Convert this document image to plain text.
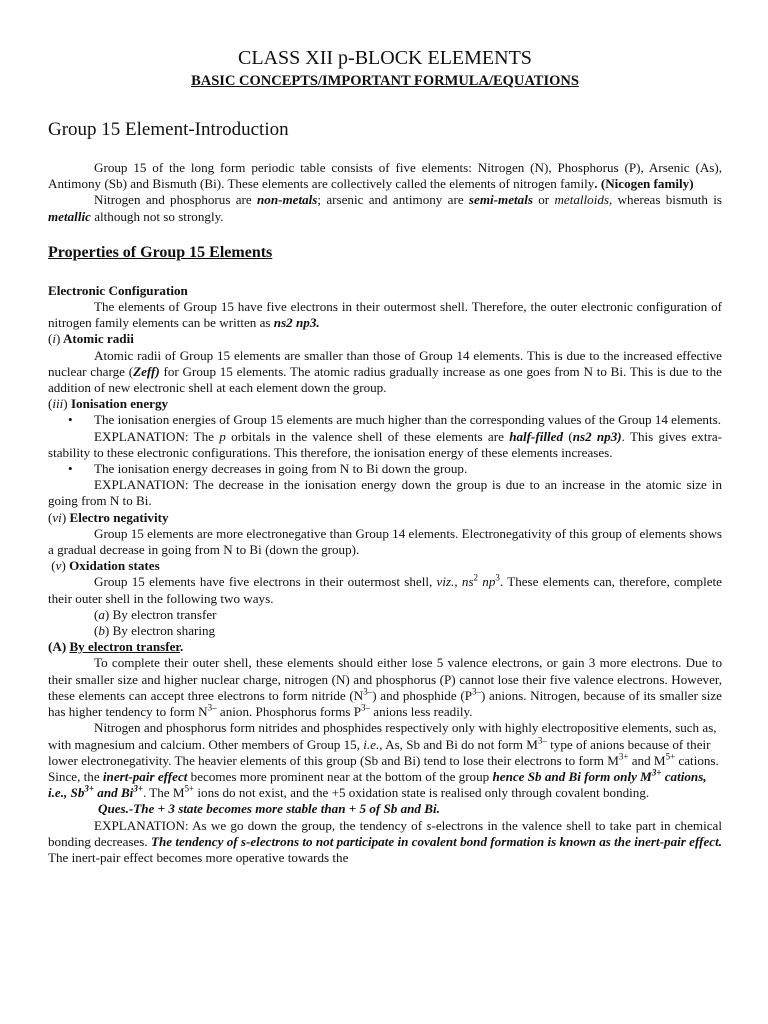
CLASS XII p-BLOCK ELEMENTS
BASIC CONCEPTS/IMPORTANT FORMULA/EQUATIONS
Group 15 Element-Introduction

Group 15 of the long form periodic table consists of five elements: Nitrogen (N), Phosphorus (P), Arsenic (As), Antimony (Sb) and Bismuth (Bi). These elements are collectively called the elements of nitrogen family. (Nicogen family)

Nitrogen and phosphorus are non-metals; arsenic and antimony are semi-metals or metalloids, whereas bismuth is metallic although not so strongly.

Properties of Group 15 Elements

Electronic Configuration

The elements of Group 15 have five electrons in their outermost shell. Therefore, the outer electronic configuration of nitrogen family elements can be written as ns2 np3.

(i) Atomic radii

Atomic radii of Group 15 elements are smaller than those of Group 14 elements. This is due to the increased effective nuclear charge (Zeff) for Group 15 elements. The atomic radius gradually increase as one goes from N to Bi. This is due to the addition of new electronic shell at each element down the group.

(iii) Ionisation energy

• The ionisation energies of Group 15 elements are much higher than the corresponding values of the Group 14 elements.

EXPLANATION: The p orbitals in the valence shell of these elements are half-filled (ns2 np3). This gives extra-stability to these electronic configurations. This therefore, the ionisation energy of these elements increases.

• The ionisation energy decreases in going from N to Bi down the group.

EXPLANATION: The decrease in the ionisation energy down the group is due to an increase in the atomic size in going from N to Bi.

(vi) Electro negativity

Group 15 elements are more electronegative than Group 14 elements. Electronegativity of this group of elements shows a gradual decrease in going from N to Bi (down the group).

(v) Oxidation states

Group 15 elements have five electrons in their outermost shell, viz., $ns^2$ $np^3$. These elements can, therefore, complete their outer shell in the following two ways.

(a) By electron transfer

(b) By electron sharing

(A) By electron transfer.

To complete their outer shell, these elements should either lose 5 valence electrons, or gain 3 more electrons. Due to their smaller size and higher nuclear charge, nitrogen (N) and phosphorus (P) cannot lose their five valence electrons. However, these elements can accept three electrons to form nitride $(N^{3-})$ and phosphide $(P^{3-})$ anions. Nitrogen, because of its smaller size has higher tendency to form $N^{3-}$ anion. Phosphorus forms $P^{3-}$ anions less readily.

Nitrogen and phosphorus form nitrides and phosphides respectively only with highly electropositive elements, such as, with magnesium and calcium. Other members of Group 15, i.e., As, Sb and Bi do not form $M^{3-}$ type of anions because of their lower electronegativity. The heavier elements of this group (Sb and Bi) tend to lose their electrons to form $M^{3+}$ and $M^{5+}$ cations. Since, the inert-pair effect becomes more prominent near at the bottom of the group hence Sb and Bi form only $M^{3+}$ cations, i.e., $Sb^{3+}$ and $Bi^{3+}$. The $M^{5+}$ ions do not exist, and the +5 oxidation state is realised only through covalent bonding.

Ques.-The + 3 state becomes more stable than + 5 of Sb and Bi.

EXPLANATION: As we go down the group, the tendency of s-electrons in the valence shell to take part in chemical bonding decreases. The tendency of s-electrons to not participate in covalent bond formation is known as the inert-pair effect. The inert-pair effect becomes more operative towards the
